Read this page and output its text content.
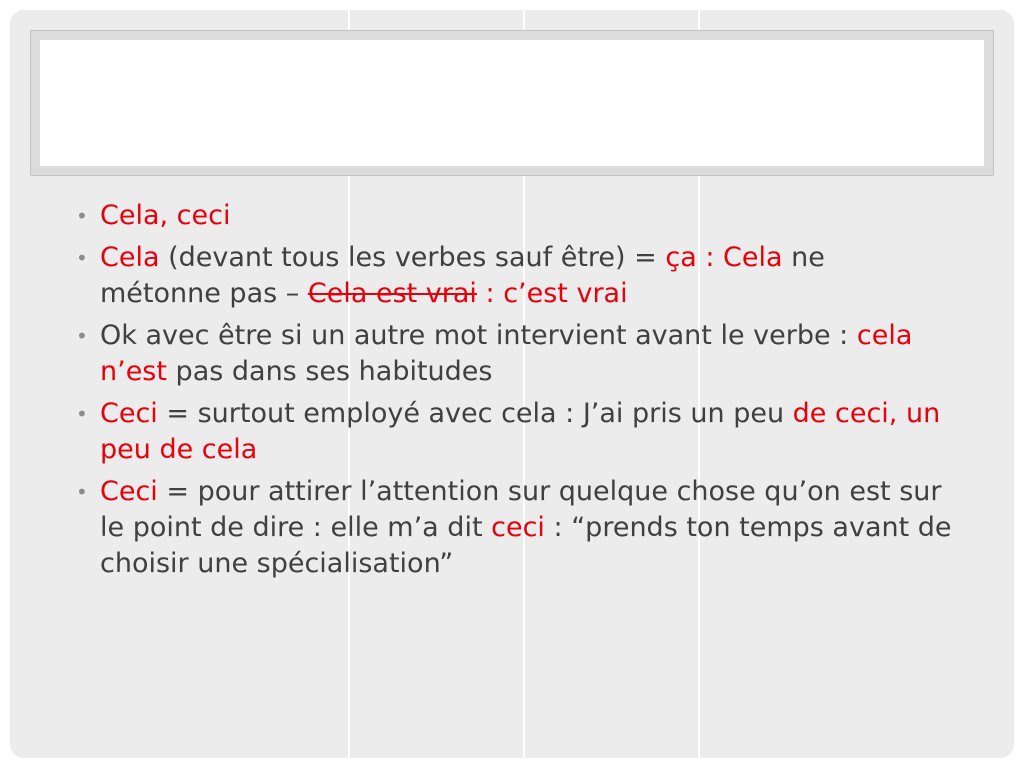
• Cela, ceci
• Cela (devant tous les verbes sauf être) = ça : Cela ne métonne pas – Cela est vrai : c’est vrai
• Ok avec être si un autre mot intervient avant le verbe : cela n’est pas dans ses habitudes
• Ceci = surtout employé avec cela : J’ai pris un peu de ceci, un peu de cela
• Ceci = pour attirer l’attention sur quelque chose qu’on est sur le point de dire : elle m’a dit ceci : “prends ton temps avant de choisir une spécialisation”
